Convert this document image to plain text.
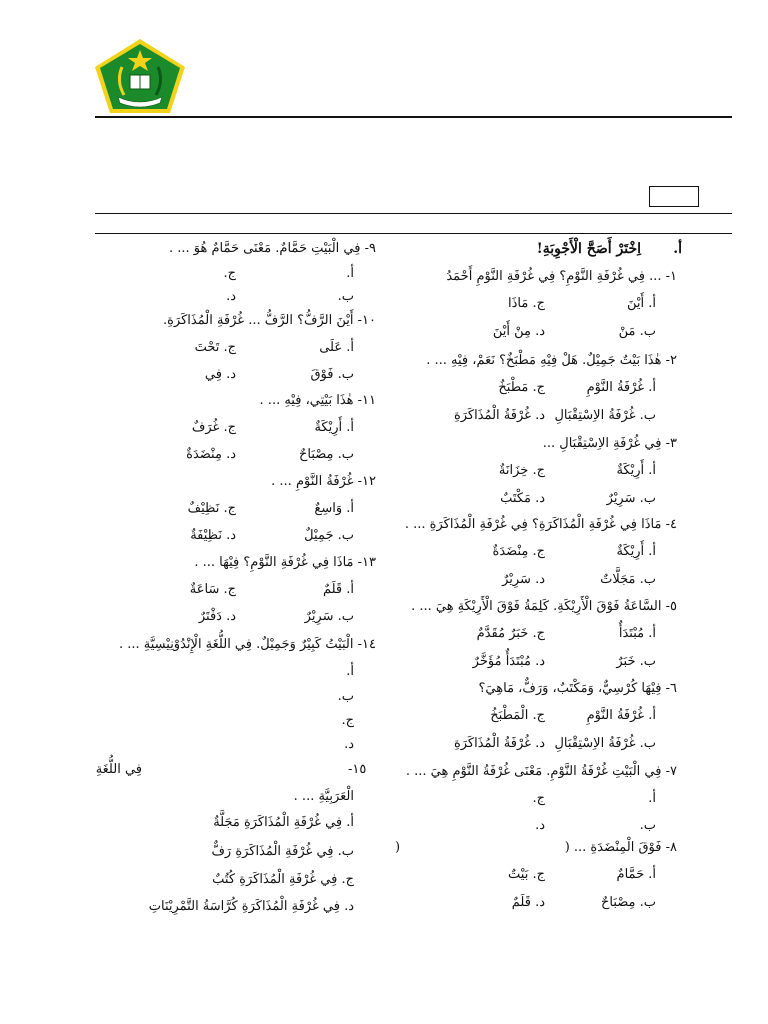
أ.
اِخْتَرْ أَصَحَّ الْأَجْوِبَةِ!
١- ... فِي غُرْفَةِ النَّوْمِ؟ فِي غُرْفَةِ النَّوْمِ أَحْمَدُ
أ. أَيْنَ
ج. مَاذَا
ب. مَنْ
د. مِنْ أَيْنَ
٢- هٰذَا بَيْتٌ جَمِيْلٌ. هَلْ فِيْهِ مَطْبَخٌ؟ نَعَمْ، فِيْهِ ... .
أ. غُرْفَةُ النَّوْمِ
ج. مَطْبَخٌ
ب. غُرْفَةُ الاِسْتِقْبَالِ
د. غُرْفَةُ الْمُذَاكَرَةِ
٣- فِي غُرْفَةِ الاِسْتِقْبَالِ ...
أ. أَرِيْكَةٌ
ج. خِزَانَةٌ
ب. سَرِيْرٌ
د. مَكْتَبٌ
٤- مَاذَا فِي غُرْفَةِ الْمُذَاكَرَةِ؟ فِي غُرْفَةِ الْمُذَاكَرَةِ ... .
أ. أَرِيْكَةٌ
ج. مِنْضَدَةٌ
ب. مَجَلَّاتٌ
د. سَرِيْرٌ
٥- السَّاعَةُ فَوْقَ الْأَرِيْكَةِ. كَلِمَةُ فَوْقَ الْأَرِيْكَةِ هِيَ ... .
أ. مُبْتَدَأٌ
ج. خَبَرٌ مُقَدَّمٌ
ب. خَبَرٌ
د. مُبْتَدَأٌ مُؤَخَّرٌ
٦- فِيْهَا كُرْسِيٌّ، وَمَكْتَبٌ، وَرَفٌّ، مَاهِيَ؟
أ. غُرْفَةُ النَّوْمِ
ج. الْمَطْبَخُ
ب. غُرْفَةُ الاِسْتِقْبَالِ
د. غُرْفَةُ الْمُذَاكَرَةِ
٧- فِي الْبَيْتِ غُرْفَةُ النَّوْمِ. مَعْنَى غُرْفَةُ النَّوْمِ هِيَ ... .
أ.
ج.
ب.
د.
٨- فَوْقَ الْمِنْضَدَةِ ... (
)
أ. حَمَّامٌ
ج. بَيْتٌ
ب. مِصْبَاحٌ
د. قَلَمٌ
٩- فِي الْبَيْتِ حَمَّامٌ. مَعْنَى حَمَّامٌ هُوَ ... .
أ.
ج.
ب.
د.
١٠- أَيْنَ الرَّفُّ؟ الرَّفُّ ... غُرْفَةِ الْمُذَاكَرَةِ.
أ. عَلَى
ج. تَحْتَ
ب. فَوْقَ
د. فِي
١١- هٰذَا بَيْتِي، فِيْهِ ... .
أ. أَرِيْكَةٌ
ج. غُرَفٌ
ب. مِصْبَاحٌ
د. مِنْضَدَةٌ
١٢- غُرْفَةُ النَّوْمِ ... .
أ. وَاسِعٌ
ج. نَظِيْفٌ
ب. جَمِيْلٌ
د. نَظِيْفَةٌ
١٣- مَاذَا فِي غُرْفَةِ النَّوْمِ؟ فِيْهَا ... .
أ. قَلَمٌ
ج. سَاعَةٌ
ب. سَرِيْرٌ
د. دَفْتَرٌ
١٤- الْبَيْتُ كَبِيْرٌ وَجَمِيْلٌ. فِي اللُّغَةِ الْإِنْدُوْنِيْسِيَّةِ ... .
أ.
ب.
ج.
د.
-١٥
فِي اللُّغَةِ
الْعَرَبِيَّةِ ... .
أ. فِي غُرْفَةِ الْمُذَاكَرَةِ مَجَلَّةٌ
ب. فِي غُرْفَةِ الْمُذَاكَرَةِ رَفٌّ
ج. فِي غُرْفَةِ الْمُذَاكَرَةِ كُتُبٌ
د. فِي غُرْفَةِ الْمُذَاكَرَةِ كُرَّاسَةُ التَّمْرِيْنَاتِ
